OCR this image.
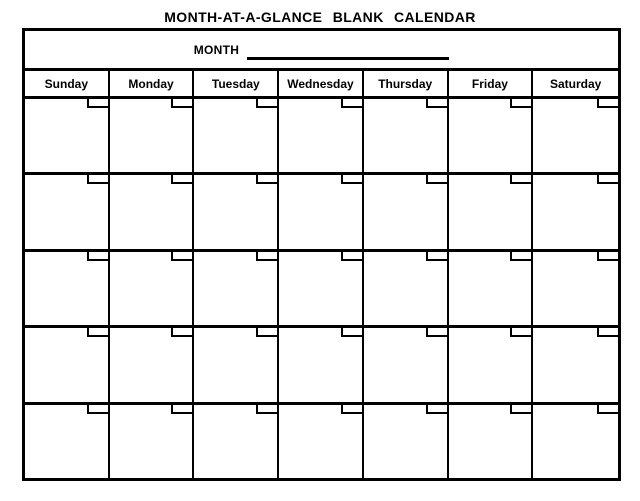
MONTH-AT-A-GLANCE BLANK CALENDAR
MONTH
Sunday	Monday	Tuesday	Wednesday	Thursday	Friday	Saturday
